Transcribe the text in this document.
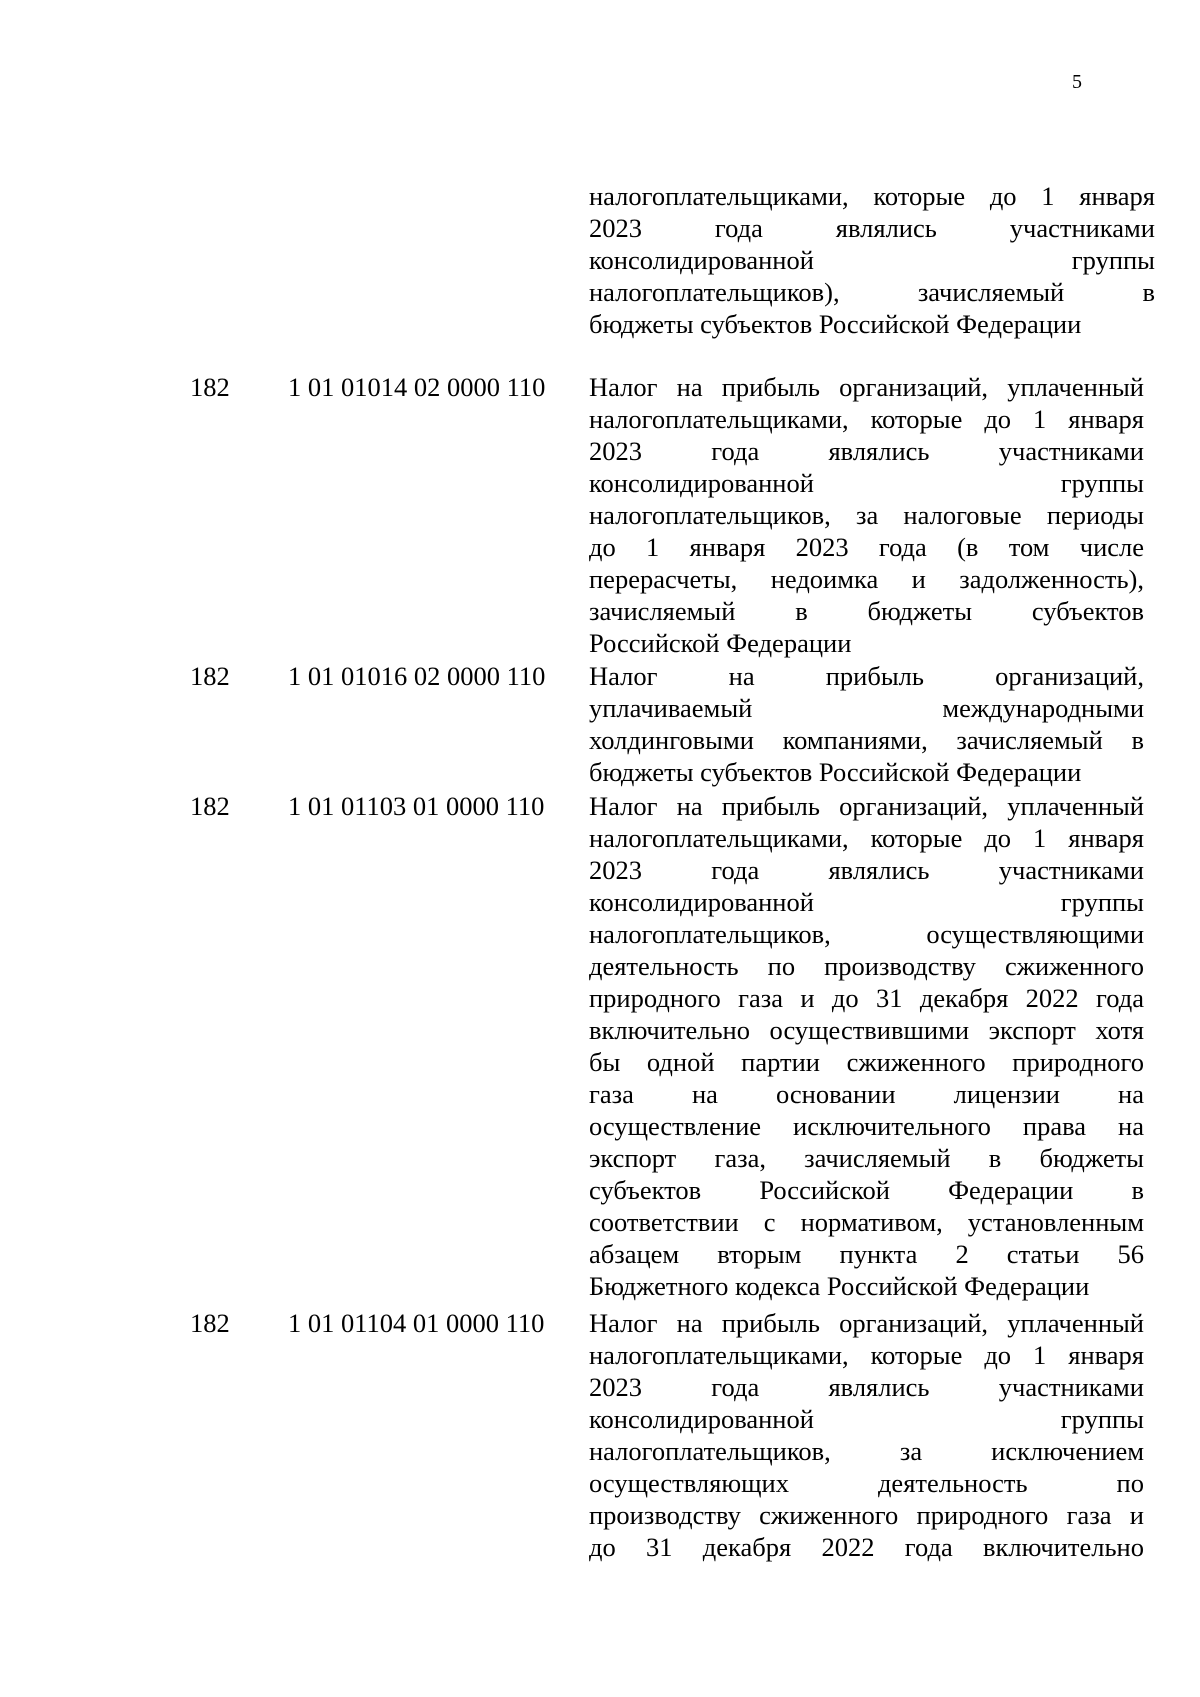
5
налогоплательщиками, которые до 1 января
2023 года являлись участниками
консолидированной группы
налогоплательщиков), зачисляемый в
бюджеты субъектов Российской Федерации
182 1 01 01014 02 0000 110 Налог на прибыль организаций, уплаченный
налогоплательщиками, которые до 1 января
2023 года являлись участниками
консолидированной группы
налогоплательщиков, за налоговые периоды
до 1 января 2023 года (в том числе
перерасчеты, недоимка и задолженность),
зачисляемый в бюджеты субъектов
Российской Федерации
182 1 01 01016 02 0000 110 Налог на прибыль организаций,
уплачиваемый международными
холдинговыми компаниями, зачисляемый в
бюджеты субъектов Российской Федерации
182 1 01 01103 01 0000 110 Налог на прибыль организаций, уплаченный
налогоплательщиками, которые до 1 января
2023 года являлись участниками
консолидированной группы
налогоплательщиков, осуществляющими
деятельность по производству сжиженного
природного газа и до 31 декабря 2022 года
включительно осуществившими экспорт хотя
бы одной партии сжиженного природного
газа на основании лицензии на
осуществление исключительного права на
экспорт газа, зачисляемый в бюджеты
субъектов Российской Федерации в
соответствии с нормативом, установленным
абзацем вторым пункта 2 статьи 56
Бюджетного кодекса Российской Федерации
182 1 01 01104 01 0000 110 Налог на прибыль организаций, уплаченный
налогоплательщиками, которые до 1 января
2023 года являлись участниками
консолидированной группы
налогоплательщиков, за исключением
осуществляющих деятельность по
производству сжиженного природного газа и
до 31 декабря 2022 года включительно
